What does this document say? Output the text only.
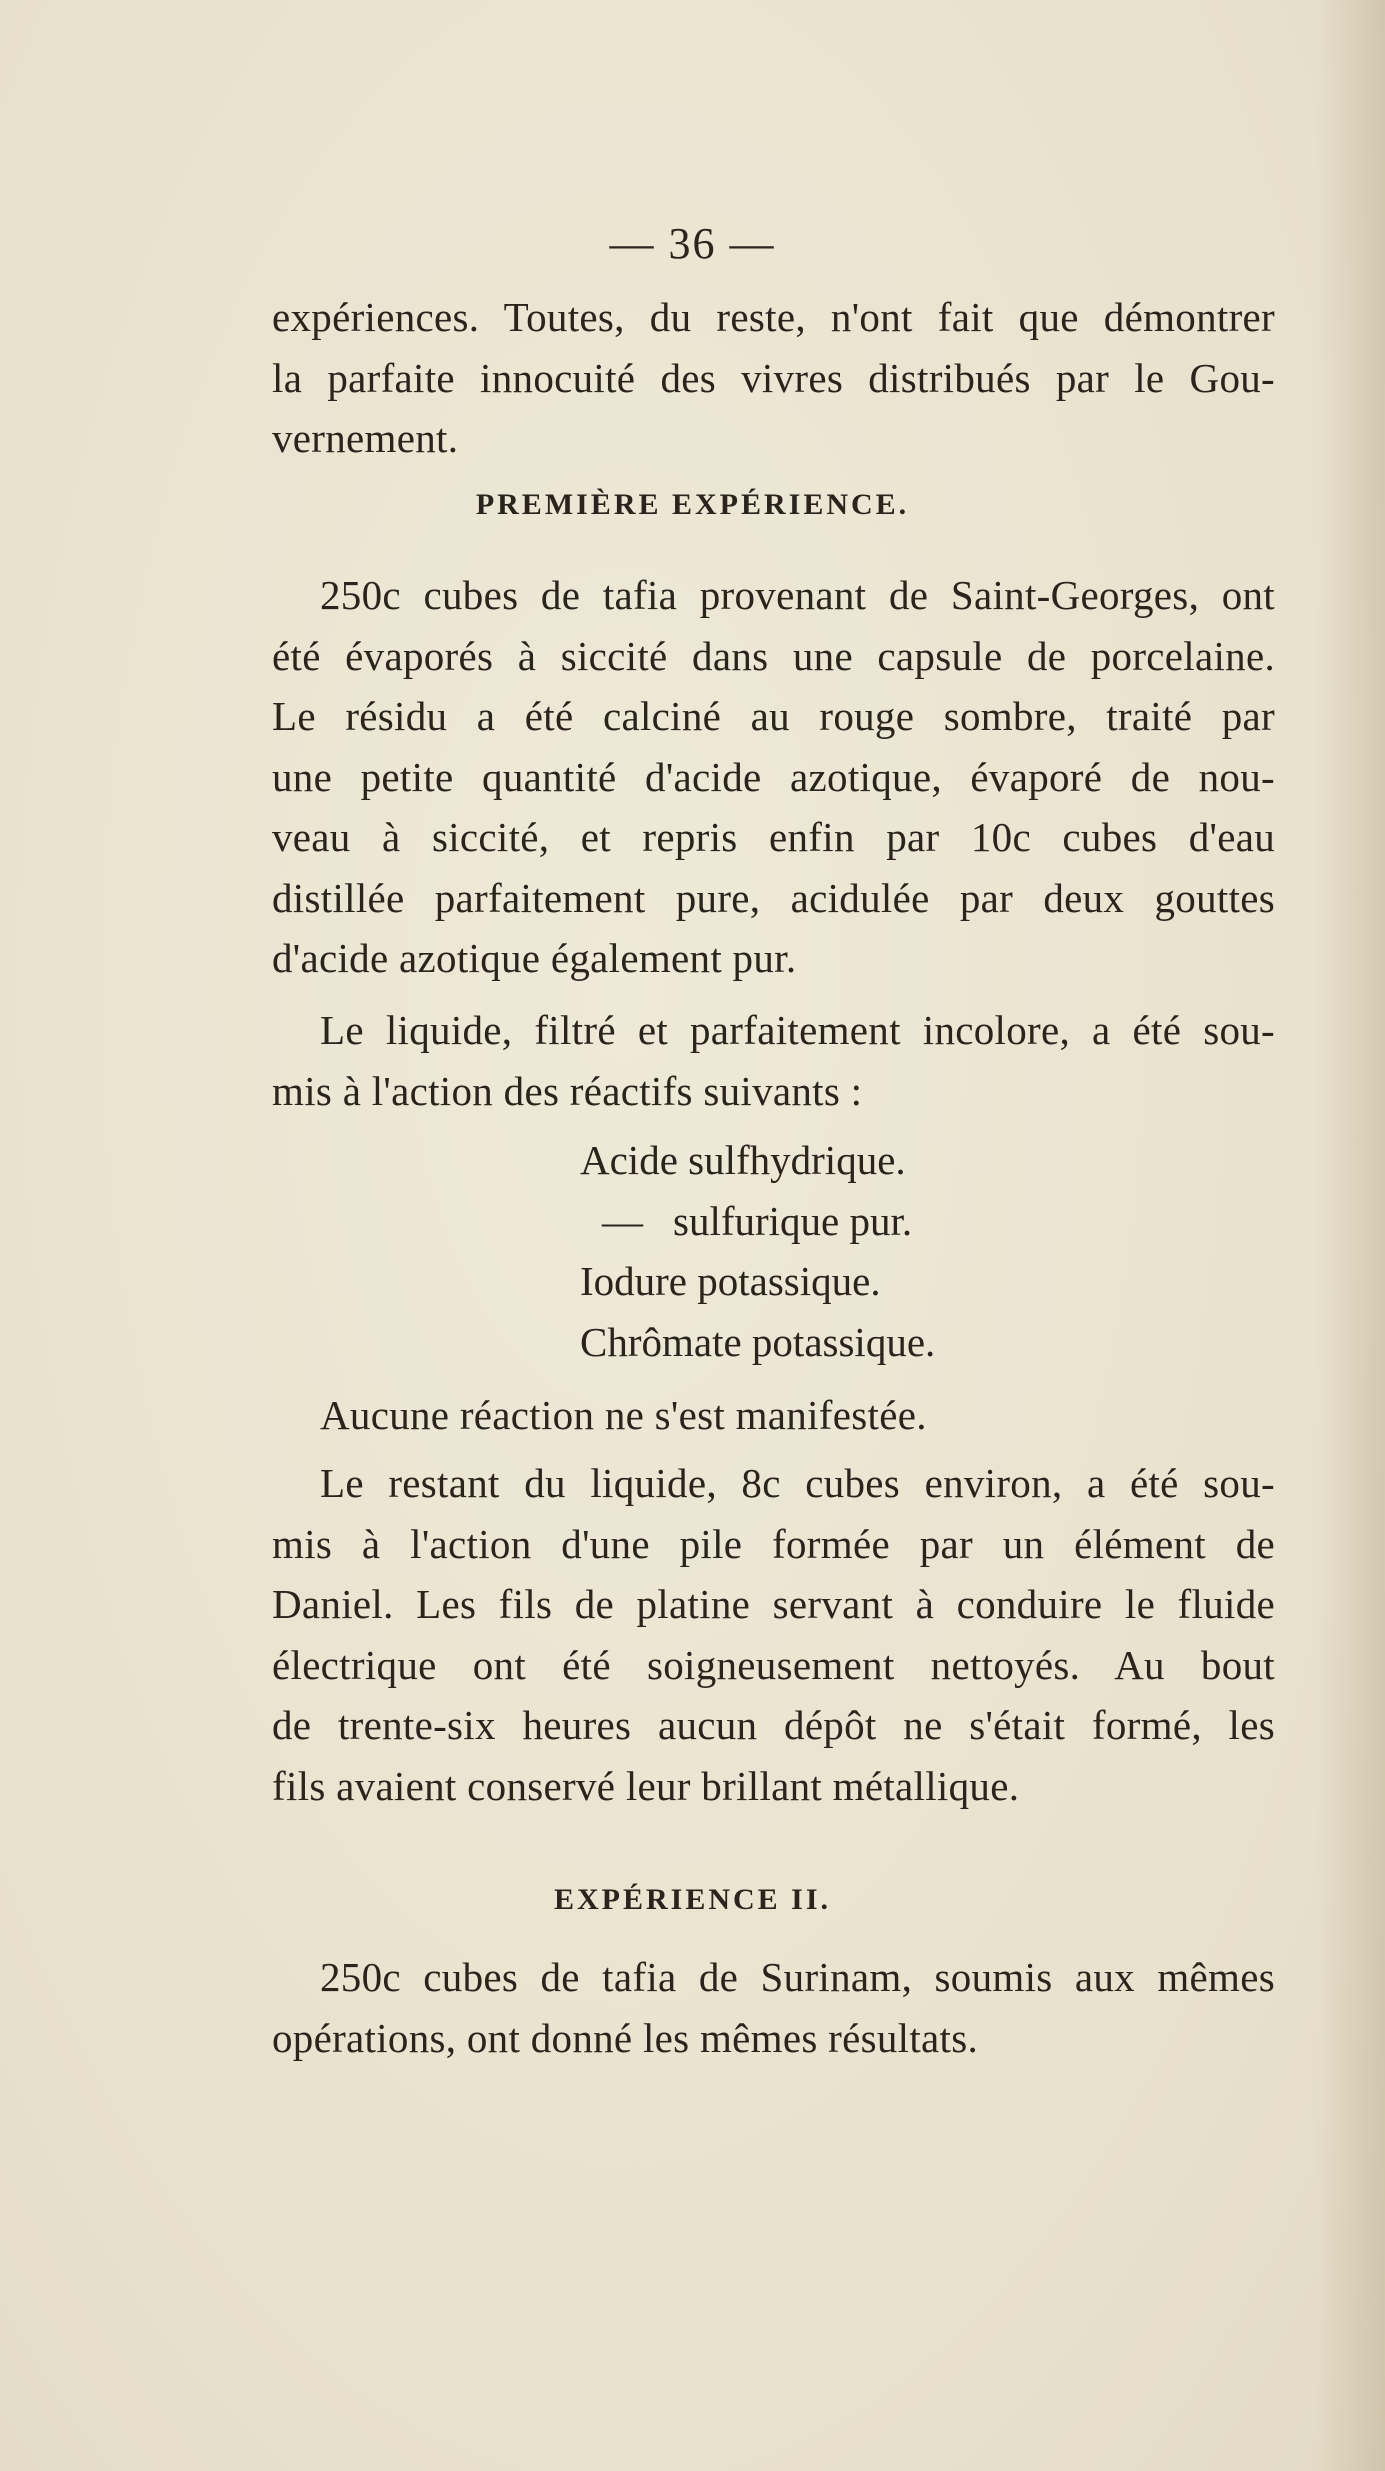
— 36 —
expériences. Toutes, du reste, n'ont fait que démontrer
la parfaite innocuité des vivres distribués par le Gou-
vernement.
PREMIÈRE EXPÉRIENCE.
250c cubes de tafia provenant de Saint-Georges, ont
été évaporés à siccité dans une capsule de porcelaine.
Le résidu a été calciné au rouge sombre, traité par
une petite quantité d'acide azotique, évaporé de nou-
veau à siccité, et repris enfin par 10c cubes d'eau
distillée parfaitement pure, acidulée par deux gouttes
d'acide azotique également pur.
Le liquide, filtré et parfaitement incolore, a été sou-
mis à l'action des réactifs suivants :
Acide sulfhydrique.
— sulfurique pur.
Iodure potassique.
Chrômate potassique.
Aucune réaction ne s'est manifestée.
Le restant du liquide, 8c cubes environ, a été sou-
mis à l'action d'une pile formée par un élément de
Daniel. Les fils de platine servant à conduire le fluide
électrique ont été soigneusement nettoyés. Au bout
de trente-six heures aucun dépôt ne s'était formé, les
fils avaient conservé leur brillant métallique.
EXPÉRIENCE II.
250c cubes de tafia de Surinam, soumis aux mêmes
opérations, ont donné les mêmes résultats.
